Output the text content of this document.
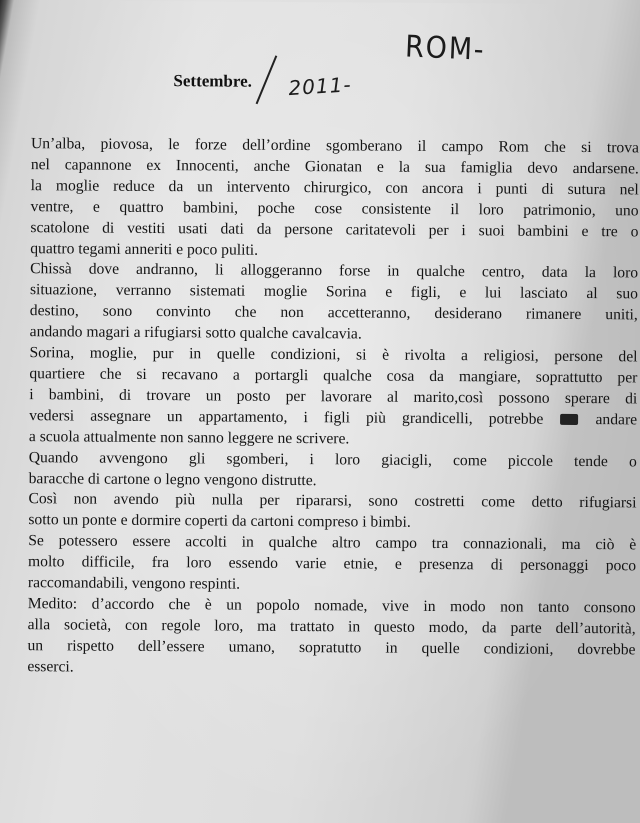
ROM-
Settembre. 2011-
Un’alba, piovosa, le forze dell’ordine sgomberano il campo Rom che si trova
nel capannone ex Innocenti, anche Gionatan e la sua famiglia devo andarsene.
la moglie reduce da un intervento chirurgico, con ancora i punti di sutura nel
ventre, e quattro bambini, poche cose consistente il loro patrimonio, uno
scatolone di vestiti usati dati da persone caritatevoli per i suoi bambini e tre o
quattro tegami anneriti e poco puliti.
Chissà dove andranno, li alloggeranno forse in qualche centro, data la loro
situazione, verranno sistemati moglie Sorina e figli, e lui lasciato al suo
destino, sono convinto che non accetteranno, desiderano rimanere uniti,
andando magari a rifugiarsi sotto qualche cavalcavia.
Sorina, moglie, pur in quelle condizioni, si è rivolta a religiosi, persone del
quartiere che si recavano a portargli qualche cosa da mangiare, soprattutto per
i bambini, di trovare un posto per lavorare al marito,così possono sperare di
vedersi assegnare un appartamento, i figli più grandicelli, potrebbe  andare
a scuola attualmente non sanno leggere ne scrivere.
Quando avvengono gli sgomberi, i loro giacigli, come piccole tende o
baracche di cartone o legno vengono distrutte.
Così non avendo più nulla per ripararsi, sono costretti come detto rifugiarsi
sotto un ponte e dormire coperti da cartoni compreso i bimbi.
Se potessero essere accolti in qualche altro campo tra connazionali, ma ciò è
molto difficile, fra loro essendo varie etnie, e presenza di personaggi poco
raccomandabili, vengono respinti.
Medito: d’accordo che è un popolo nomade, vive in modo non tanto consono
alla società, con regole loro, ma trattato in questo modo, da parte dell’autorità,
un rispetto dell’essere umano, sopratutto in quelle condizioni, dovrebbe
esserci.
